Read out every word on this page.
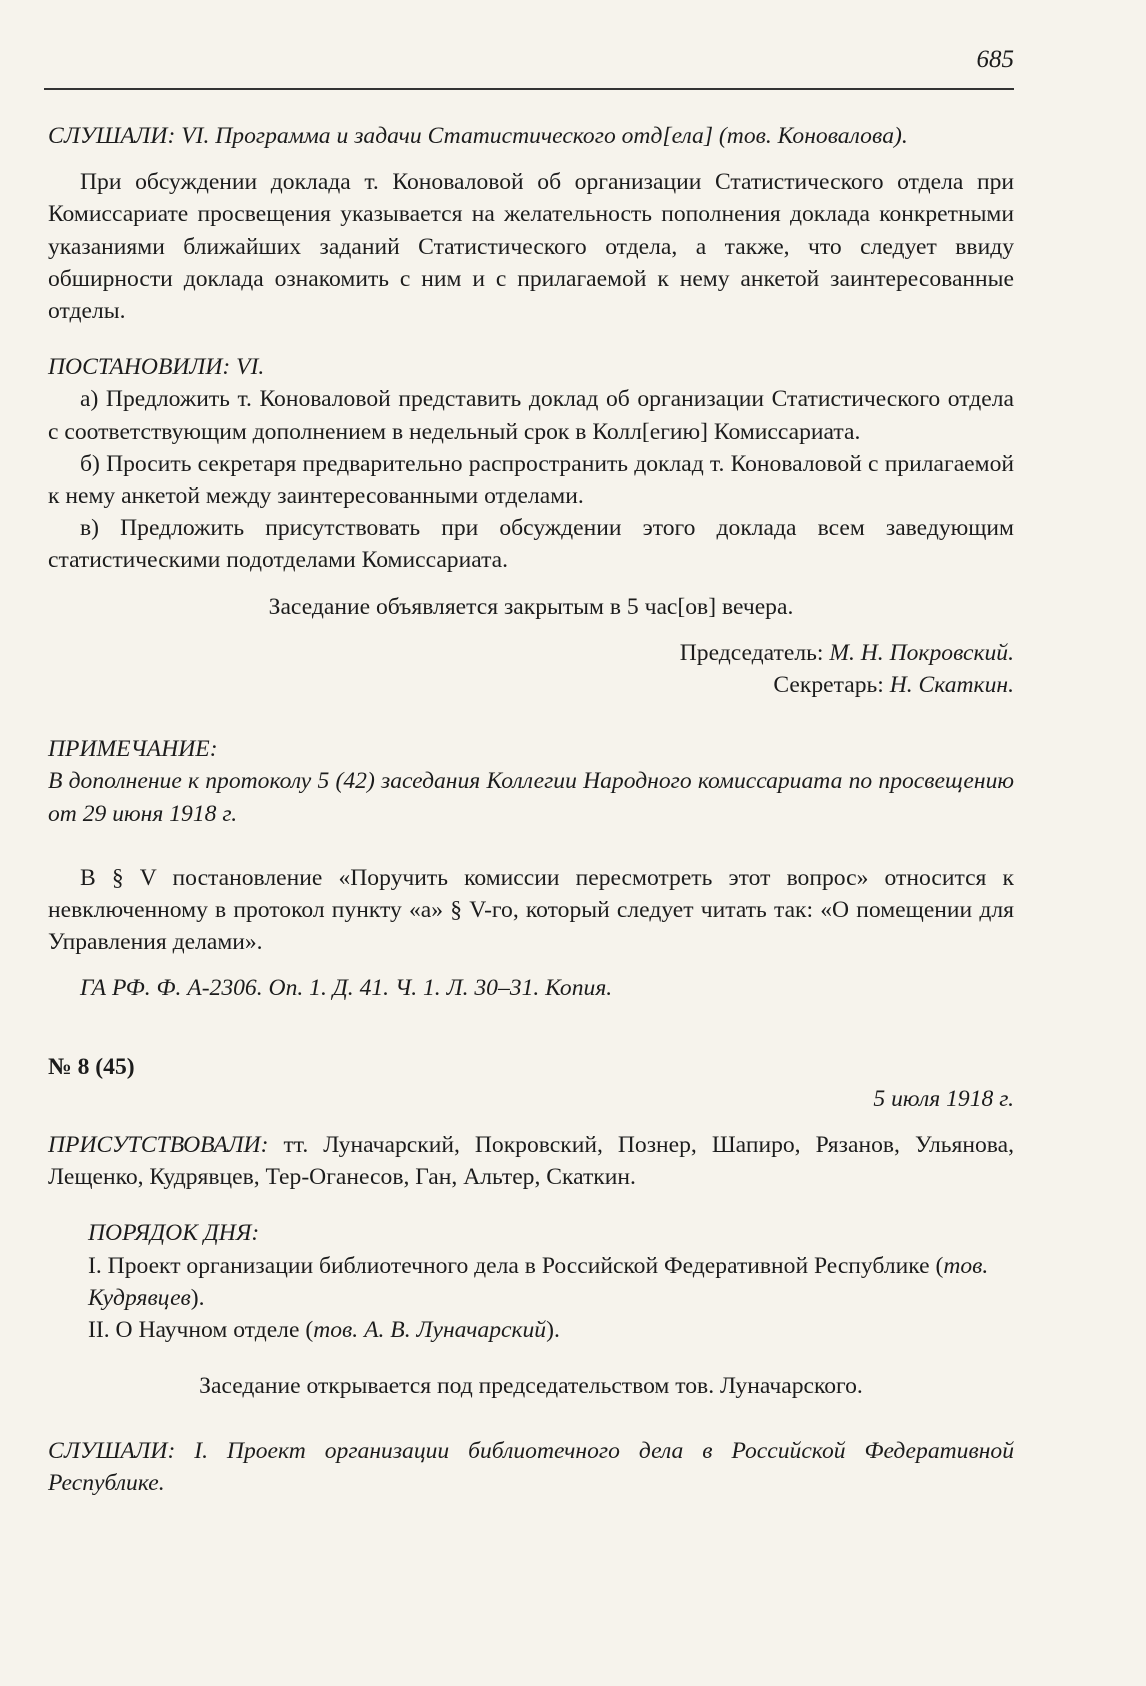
685

СЛУШАЛИ: VI. Программа и задачи Статистического отд[ела] (тов. Коноваловa).

При обсуждении доклада т. Коноваловой об организации Статистического отдела при Комиссариате просвещения указывается на желательность пополнения доклада конкретными указаниями ближайших заданий Статистического отдела, а также, что следует ввиду обширности доклада ознакомить с ним и с прилагаемой к нему анкетой заинтересованные отделы.

ПОСТАНОВИЛИ: VI.

а) Предложить т. Коноваловой представить доклад об организации Статистического отдела с соответствующим дополнением в недельный срок в Колл[егию] Комиссариата.

б) Просить секретаря предварительно распространить доклад т. Коноваловой с прилагаемой к нему анкетой между заинтересованными отделами.

в) Предложить присутствовать при обсуждении этого доклада всем заведующим статистическими подотделами Комиссариата.

Заседание объявляется закрытым в 5 час[ов] вечера.

Председатель: М. Н. Покровский.

Секретарь: Н. Скаткин.

ПРИМЕЧАНИЕ:

В дополнение к протоколу 5 (42) заседания Коллегии Народного комиссариата по просвещению от 29 июня 1918 г.

В § V постановление «Поручить комиссии пересмотреть этот вопрос» относится к невключенному в протокол пункту «а» § V-го, который следует читать так: «О помещении для Управления делами».

ГА РФ. Ф. А-2306. Оп. 1. Д. 41. Ч. 1. Л. 30–31. Копия.

№ 8 (45)

5 июля 1918 г.

ПРИСУТСТВОВАЛИ: тт. Луначарский, Покровский, Познер, Шапиро, Рязанов, Ульянова, Лещенко, Кудрявцев, Тер-Оганесов, Ган, Альтер, Скаткин.

ПОРЯДОК ДНЯ:

I. Проект организации библиотечного дела в Российской Федеративной Республике (тов. Кудрявцев).

II. О Научном отделе (тов. А. В. Луначарский).

Заседание открывается под председательством тов. Луначарского.

СЛУШАЛИ: I. Проект организации библиотечного дела в Российской Федеративной Республике.
